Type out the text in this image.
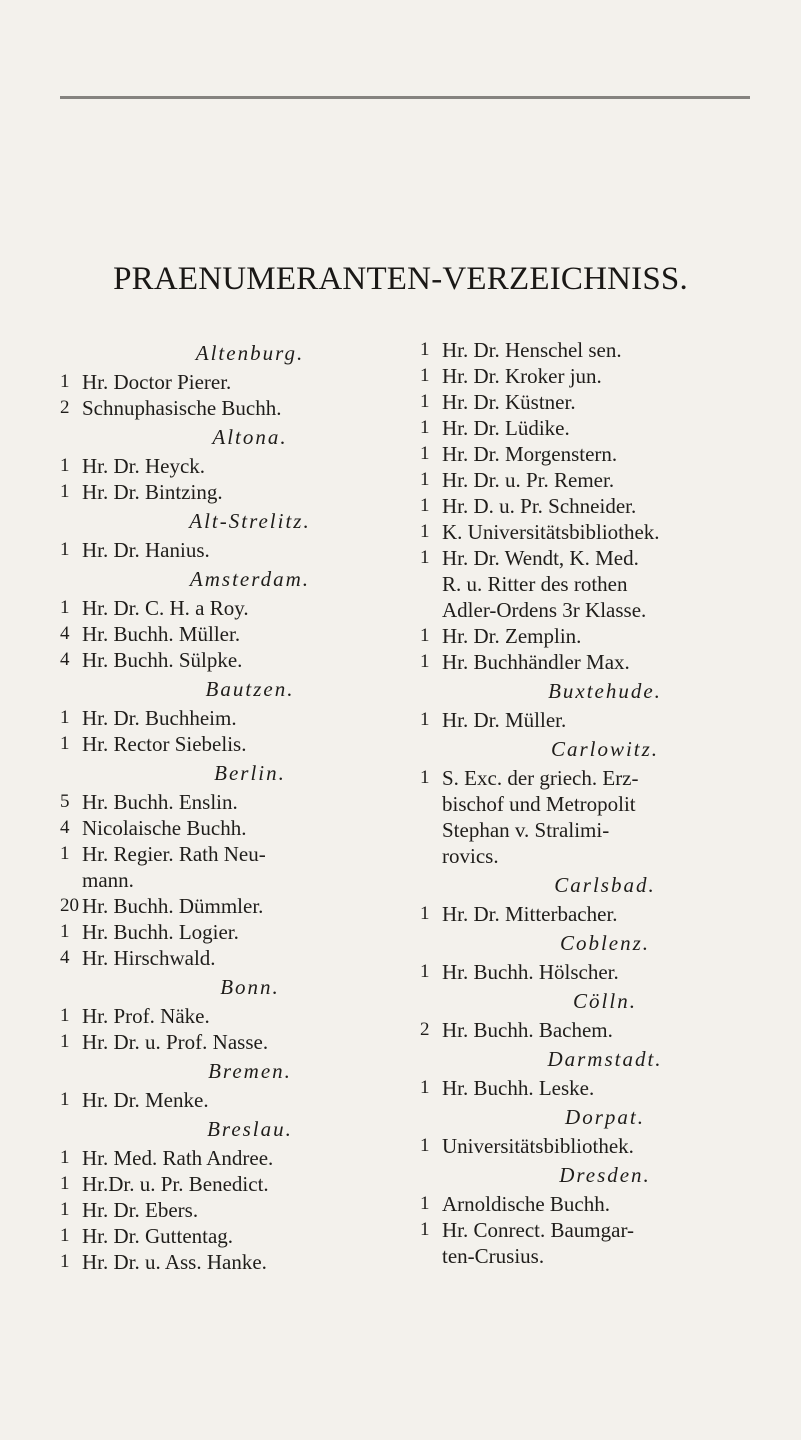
PRAENUMERANTEN-VERZEICHNISS.
Altenburg.
1 Hr. Doctor Pierer.
2 Schnuphasische Buchh.
Altona.
1 Hr. Dr. Heyck.
1 Hr. Dr. Bintzing.
Alt-Strelitz.
1 Hr. Dr. Hanius.
Amsterdam.
1 Hr. Dr. C. H. a Roy.
4 Hr. Buchh. Müller.
4 Hr. Buchh. Sülpke.
Bautzen.
1 Hr. Dr. Buchheim.
1 Hr. Rector Siebelis.
Berlin.
5 Hr. Buchh. Enslin.
4 Nicolaische Buchh.
1 Hr. Regier. Rath Neu-
mann.
20 Hr. Buchh. Dümmler.
1 Hr. Buchh. Logier.
4 Hr. Hirschwald.
Bonn.
1 Hr. Prof. Näke.
1 Hr. Dr. u. Prof. Nasse.
Bremen.
1 Hr. Dr. Menke.
Breslau.
1 Hr. Med. Rath Andree.
1 Hr.Dr. u. Pr. Benedict.
1 Hr. Dr. Ebers.
1 Hr. Dr. Guttentag.
1 Hr. Dr. u. Ass. Hanke.
1 Hr. Dr. Henschel sen.
1 Hr. Dr. Kroker jun.
1 Hr. Dr. Küstner.
1 Hr. Dr. Lüdike.
1 Hr. Dr. Morgenstern.
1 Hr. Dr. u. Pr. Remer.
1 Hr. D. u. Pr. Schneider.
1 K. Universitätsbibliothek.
1 Hr. Dr. Wendt, K. Med.
R. u. Ritter des rothen
Adler-Ordens 3r Klasse.
1 Hr. Dr. Zemplin.
1 Hr. Buchhändler Max.
Buxtehude.
1 Hr. Dr. Müller.
Carlowitz.
1 S. Exc. der griech. Erz-
bischof und Metropolit
Stephan v. Stralimi-
rovics.
Carlsbad.
1 Hr. Dr. Mitterbacher.
Coblenz.
1 Hr. Buchh. Hölscher.
Cölln.
2 Hr. Buchh. Bachem.
Darmstadt.
1 Hr. Buchh. Leske.
Dorpat.
1 Universitätsbibliothek.
Dresden.
1 Arnoldische Buchh.
1 Hr. Conrect. Baumgar-
ten-Crusius.
